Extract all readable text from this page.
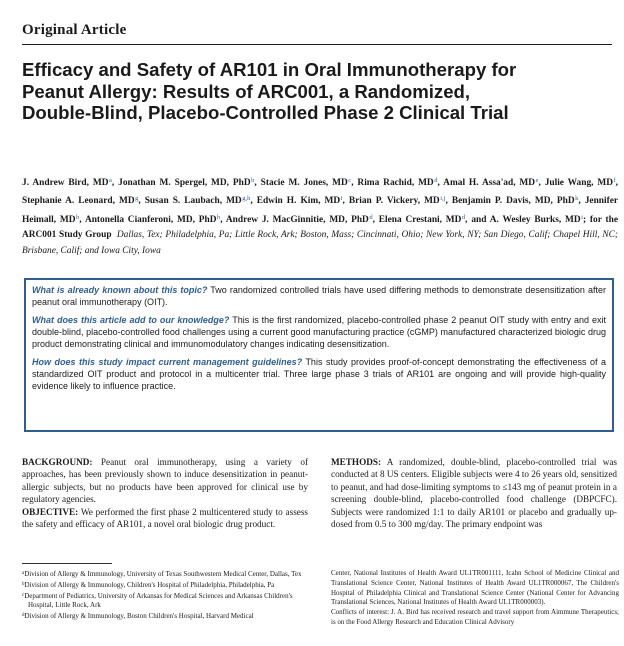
Original Article
Efficacy and Safety of AR101 in Oral Immunotherapy for Peanut Allergy: Results of ARC001, a Randomized, Double-Blind, Placebo-Controlled Phase 2 Clinical Trial
J. Andrew Bird, $MD^a$, Jonathan M. Spergel, MD, PhD$^b$, Stacie M. Jones, $MD^c$, Rima Rachid, $MD^d$, Amal H. Assa'ad, MDe, Julie Wang, $MD^f$, Stephanie A. Leonard, $MD^g$, Susan S. Laubach, MD$^{g,h}$, Edwin H. Kim, $MD^i$, Brian P. Vickery, MD$^{i,j}$, Benjamin P. Davis, MD, PhD$^k$, Jennifer Heimall, $MD^b$, Antonella Cianferoni, MD, PhD$^b$, Andrew J. MacGinnitie, MD, PhD$^d$, Elena Crestani, $MD^d$, and A. Wesley Burks, $MD^i$; for the ARC001 Study Group Dallas, Tex; Philadelphia, Pa; Little Rock, Ark; Boston, Mass; Cincinnati, Ohio; New York, NY; San Diego, Calif; Chapel Hill, NC; Brisbane, Calif; and Iowa City, Iowa

What is already known about this topic? Two randomized controlled trials have used differing methods to demonstrate desensitization after peanut oral immunotherapy (OIT).

What does this article add to our knowledge? This is the first randomized, placebo-controlled phase 2 peanut OIT study with entry and exit double-blind, placebo-controlled food challenges using a current good manufacturing practice (cGMP) manufactured characterized biologic drug product demonstrating clinical and immunomodulatory changes indicating desensitization.

How does this study impact current management guidelines? This study provides proof-of-concept demonstrating the effectiveness of a standardized OIT product and protocol in a multicenter trial. Three large phase 3 trials of AR101 are ongoing and will provide high-quality evidence likely to influence practice.

BACKGROUND: Peanut oral immunotherapy, using a variety of approaches, has been previously shown to induce desensitization in peanut-allergic subjects, but no products have been approved for clinical use by regulatory agencies.
OBJECTIVE: We performed the first phase 2 multicentered study to assess the safety and efficacy of AR101, a novel oral biologic drug product.
METHODS: A randomized, double-blind, placebo-controlled trial was conducted at 8 US centers. Eligible subjects were 4 to 26 years old, sensitized to peanut, and had dose-limiting symptoms to ≤143 mg of peanut protein in a screening double-blind, placebo-controlled food challenge (DBPCFC). Subjects were randomized 1:1 to daily AR101 or placebo and gradually up-dosed from 0.5 to 300 mg/day. The primary endpoint was
$^a$Division of Allergy & Immunology, University of Texas Southwestern Medical Center, Dallas, Tex
$^b$Division of Allergy & Immunology, Children's Hospital of Philadelphia, Philadelphia, Pa
$^c$Department of Pediatrics, University of Arkansas for Medical Sciences and Arkansas Children's Hospital, Little Rock, Ark
$^d$Division of Allergy & Immunology, Boston Children's Hospital, Harvard Medical
Center, National Institutes of Health Award UL1TR001111, Icahn School of Medicine Clinical and Translational Science Center, National Institutes of Health Award UL1TR000067, The Children's Hospital of Philadelphia Clinical and Translational Science Center (National Center for Advancing Translational Sciences, National Institutes of Health Award UL1TR000003).
Conflicts of interest: J. A. Bird has received research and travel support from Aimmune Therapeutics; is on the Food Allergy Research and Education Clinical Advisory
